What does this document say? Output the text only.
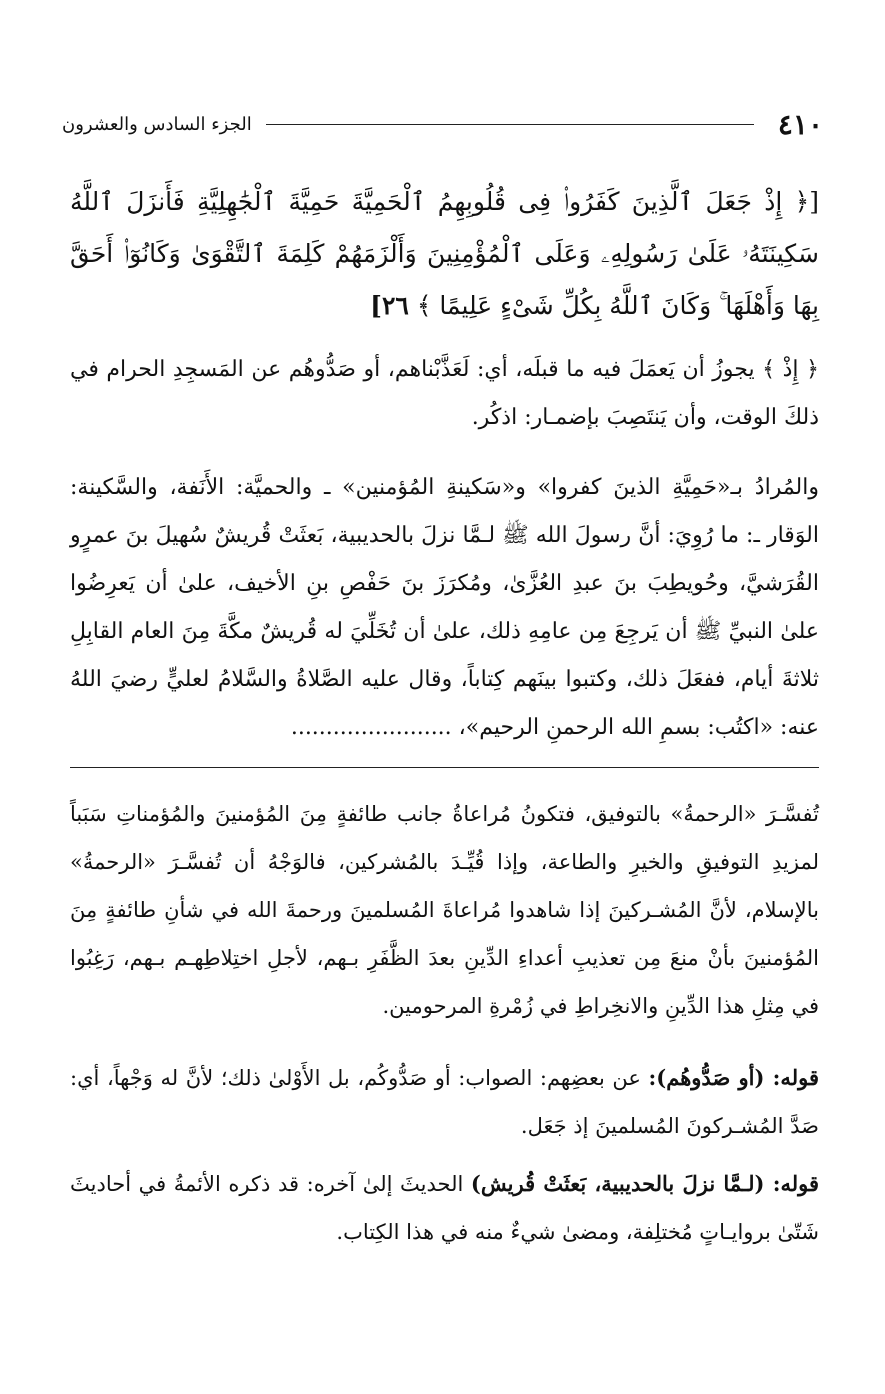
٤١٠
الجزء السادس والعشرون
[﴿ إِذْ جَعَلَ ٱلَّذِينَ كَفَرُوا۟ فِى قُلُوبِهِمُ ٱلْحَمِيَّةَ حَمِيَّةَ ٱلْجَٰهِلِيَّةِ فَأَنزَلَ ٱللَّهُ سَكِينَتَهُۥ عَلَىٰ رَسُولِهِۦ وَعَلَى ٱلْمُؤْمِنِينَ وَأَلْزَمَهُمْ كَلِمَةَ ٱلتَّقْوَىٰ وَكَانُوٓا۟ أَحَقَّ بِهَا وَأَهْلَهَا ۚ وَكَانَ ٱللَّهُ بِكُلِّ شَىْءٍ عَلِيمًا ﴾ ٢٦]

﴿ إِذْ ﴾ يجوزُ أن يَعمَلَ فيه ما قبلَه، أي: لَعَذَّبْناهم، أو صَدُّوهُم عن المَسجِدِ الحرام في ذلكَ الوقت، وأن يَنتَصِبَ بإضمـار: اذكُر.

والمُرادُ بـ«حَمِيَّةِ الذينَ كفروا» و«سَكينةِ المُؤمنين» ـ والحميَّة: الأَنَفة، والسَّكينة: الوَقار ـ: ما رُوِيَ: أنَّ رسولَ الله ﷺ لـمَّا نزلَ بالحديبية، بَعثَتْ قُريشٌ سُهيلَ بنَ عمرٍو القُرَشيَّ، وحُويطِبَ بنَ عبدِ العُزَّىٰ، ومُكرَزَ بنَ حَفْصِ بنِ الأخيف، علىٰ أن يَعرِضُوا علىٰ النبيِّ ﷺ أن يَرجِعَ مِن عامِهِ ذلك، علىٰ أن تُخَلِّيَ له قُريشٌ مكَّةَ مِنَ العام القابِلِ ثلاثةَ أيام، ففعَلَ ذلك، وكتبوا بينَهم كِتاباً، وقال عليه الصَّلاةُ والسَّلامُ لعليٍّ رضيَ اللهُ عنه: «اكتُب: بسمِ الله الرحمنِ الرحيم»، .......................

تُفسَّـرَ «الرحمةُ» بالتوفيق، فتكونُ مُراعاةُ جانب طائفةٍ مِنَ المُؤمنينَ والمُؤمناتِ سَبَباً لمزيدِ التوفيقِ والخيرِ والطاعة، وإذا قُيِّـدَ بالمُشركين، فالوَجْهُ أن تُفسَّـرَ «الرحمةُ» بالإسلام، لأنَّ المُشـركينَ إذا شاهدوا مُراعاةَ المُسلمينَ ورحمةَ الله في شأنِ طائفةٍ مِنَ المُؤمنينَ بأنْ منعَ مِن تعذيبِ أعداءِ الدِّينِ بعدَ الظَّفَرِ بـهم، لأجلِ اختِلاطِهـم بـهم، رَغِبُوا في مِثلِ هذا الدِّينِ والانخِراطِ في زُمْرةِ المرحومين.

قوله: (أو صَدُّوهُم): عن بعضِهم: الصواب: أو صَدُّوكُم، بل الأَوْلىٰ ذلك؛ لأنَّ له وَجْهاً، أي: صَدَّ المُشـركونَ المُسلمينَ إذ جَعَل.

قوله: (لـمَّا نزلَ بالحديبية، بَعثَتْ قُريش) الحديثَ إلىٰ آخره: قد ذكره الأئمةُ في أحاديثَ شَتّىٰ بروايـاتٍ مُختلِفة، ومضىٰ شيءٌ منه في هذا الكِتاب.
